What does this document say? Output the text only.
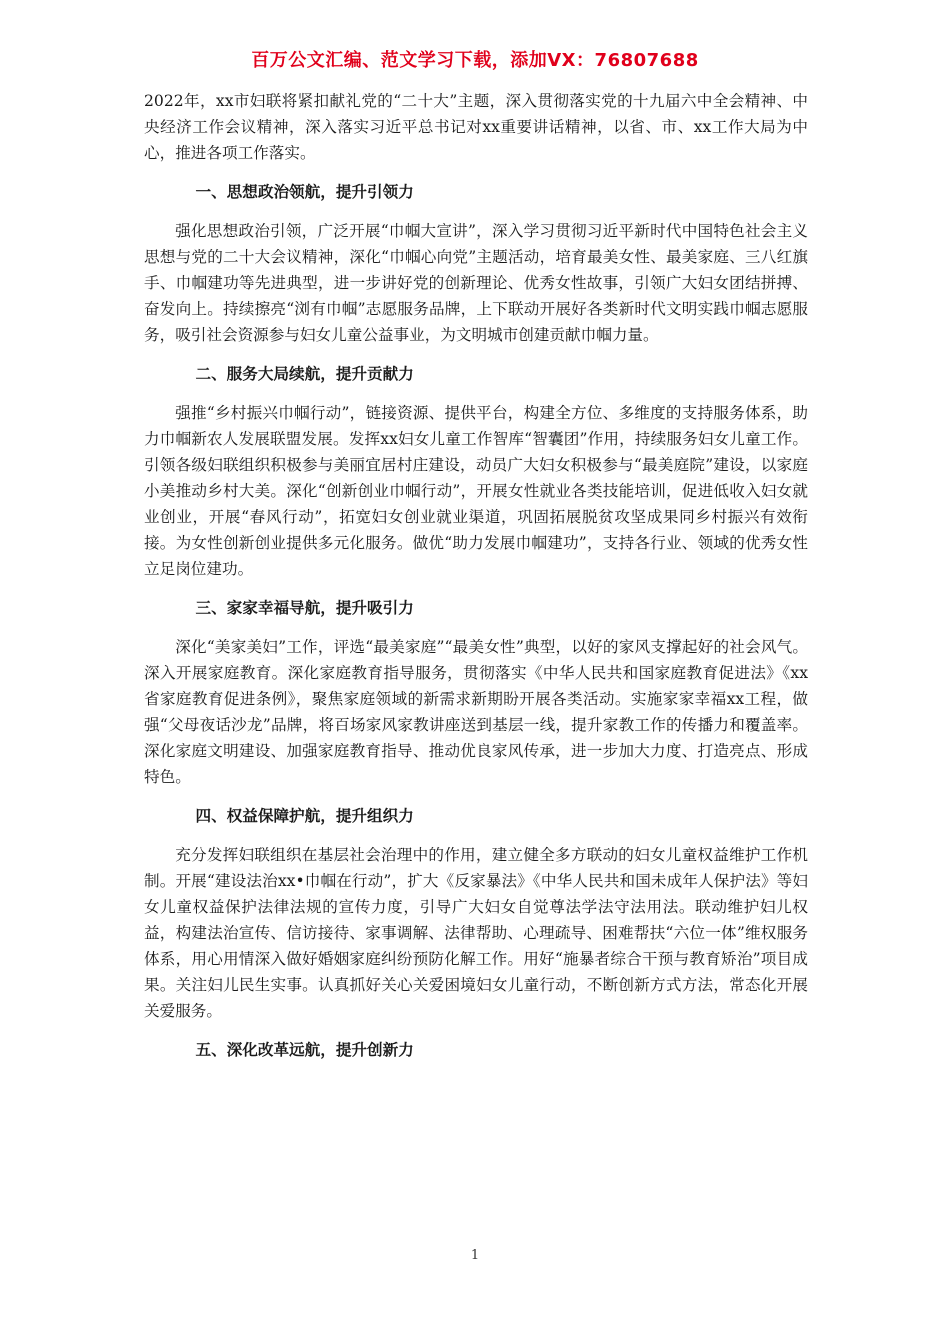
百万公文汇编、范文学习下载，添加VX：76807688

2022年，xx市妇联将紧扣献礼党的“二十大”主题，深入贯彻落实党的十九届六中全会精神、中央经济工作会议精神，深入落实习近平总书记对xx重要讲话精神，以省、市、xx工作大局为中心，推进各项工作落实。

一、思想政治领航，提升引领力

强化思想政治引领，广泛开展“巾帼大宣讲”，深入学习贯彻习近平新时代中国特色社会主义思想与党的二十大会议精神，深化“巾帼心向党”主题活动，培育最美女性、最美家庭、三八红旗手、巾帼建功等先进典型，进一步讲好党的创新理论、优秀女性故事，引领广大妇女团结拼搏、奋发向上。持续擦亮“浏有巾帼”志愿服务品牌，上下联动开展好各类新时代文明实践巾帼志愿服务，吸引社会资源参与妇女儿童公益事业，为文明城市创建贡献巾帼力量。

二、服务大局续航，提升贡献力

强推“乡村振兴巾帼行动”，链接资源、提供平台，构建全方位、多维度的支持服务体系，助力巾帼新农人发展联盟发展。发挥xx妇女儿童工作智库“智囊团”作用，持续服务妇女儿童工作。引领各级妇联组织积极参与美丽宜居村庄建设，动员广大妇女积极参与“最美庭院”建设，以家庭小美推动乡村大美。深化“创新创业巾帼行动”，开展女性就业各类技能培训，促进低收入妇女就业创业，开展“春风行动”，拓宽妇女创业就业渠道，巩固拓展脱贫攻坚成果同乡村振兴有效衔接。为女性创新创业提供多元化服务。做优“助力发展巾帼建功”，支持各行业、领域的优秀女性立足岗位建功。

三、家家幸福导航，提升吸引力

深化“美家美妇”工作，评选“最美家庭”“最美女性”典型，以好的家风支撑起好的社会风气。深入开展家庭教育。深化家庭教育指导服务，贯彻落实《中华人民共和国家庭教育促进法》《xx省家庭教育促进条例》，聚焦家庭领域的新需求新期盼开展各类活动。实施家家幸福xx工程，做强“父母夜话沙龙”品牌，将百场家风家教讲座送到基层一线，提升家教工作的传播力和覆盖率。深化家庭文明建设、加强家庭教育指导、推动优良家风传承，进一步加大力度、打造亮点、形成特色。

四、权益保障护航，提升组织力

充分发挥妇联组织在基层社会治理中的作用，建立健全多方联动的妇女儿童权益维护工作机制。开展“建设法治xx•巾帼在行动”，扩大《反家暴法》《中华人民共和国未成年人保护法》等妇女儿童权益保护法律法规的宣传力度，引导广大妇女自觉尊法学法守法用法。联动维护妇儿权益，构建法治宣传、信访接待、家事调解、法律帮助、心理疏导、困难帮扶“六位一体”维权服务体系，用心用情深入做好婚姻家庭纠纷预防化解工作。用好“施暴者综合干预与教育矫治”项目成果。关注妇儿民生实事。认真抓好关心关爱困境妇女儿童行动，不断创新方式方法，常态化开展关爱服务。

五、深化改革远航，提升创新力
1
